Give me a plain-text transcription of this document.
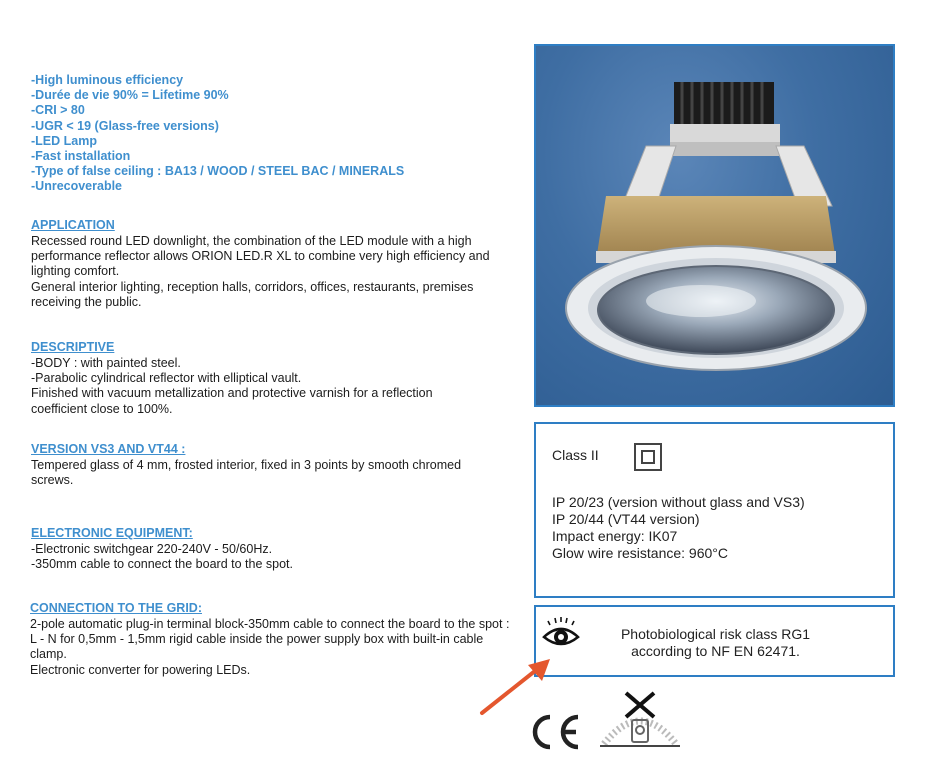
-High luminous efficiency
-Durée de vie 90% = Lifetime 90%
-CRI > 80
-UGR < 19 (Glass-free versions)
-LED Lamp
-Fast installation
-Type of false ceiling : BA13 / WOOD / STEEL BAC / MINERALS
-Unrecoverable
APPLICATION

Recessed round LED downlight, the combination of the LED module with a high

performance reflector allows ORION LED.R XL to combine very high efficiency and

lighting comfort.

General interior lighting, reception halls, corridors, offices, restaurants, premises

receiving the public.

DESCRIPTIVE

-BODY : with painted steel.

-Parabolic cylindrical reflector with elliptical vault.

Finished with vacuum metallization and protective varnish for a reflection

coefficient close to 100%.

VERSION VS3 AND VT44 :

Tempered glass of 4 mm, frosted interior, fixed in 3 points by smooth chromed

screws.

ELECTRONIC EQUIPMENT:

-Electronic switchgear 220-240V - 50/60Hz.

-350mm cable to connect the board to the spot.

CONNECTION TO THE GRID:

2-pole automatic plug-in terminal block-350mm cable to connect the board to the spot :

L - N for 0,5mm - 1,5mm rigid cable inside the power supply box with built-in cable

clamp.

Electronic converter for powering LEDs.

Class II
IP 20/23 (version without glass and VS3)
IP 20/44 (VT44 version)
Impact energy: IK07
Glow wire resistance: 960°C
Photobiological risk class RG1
according to NF EN 62471.
